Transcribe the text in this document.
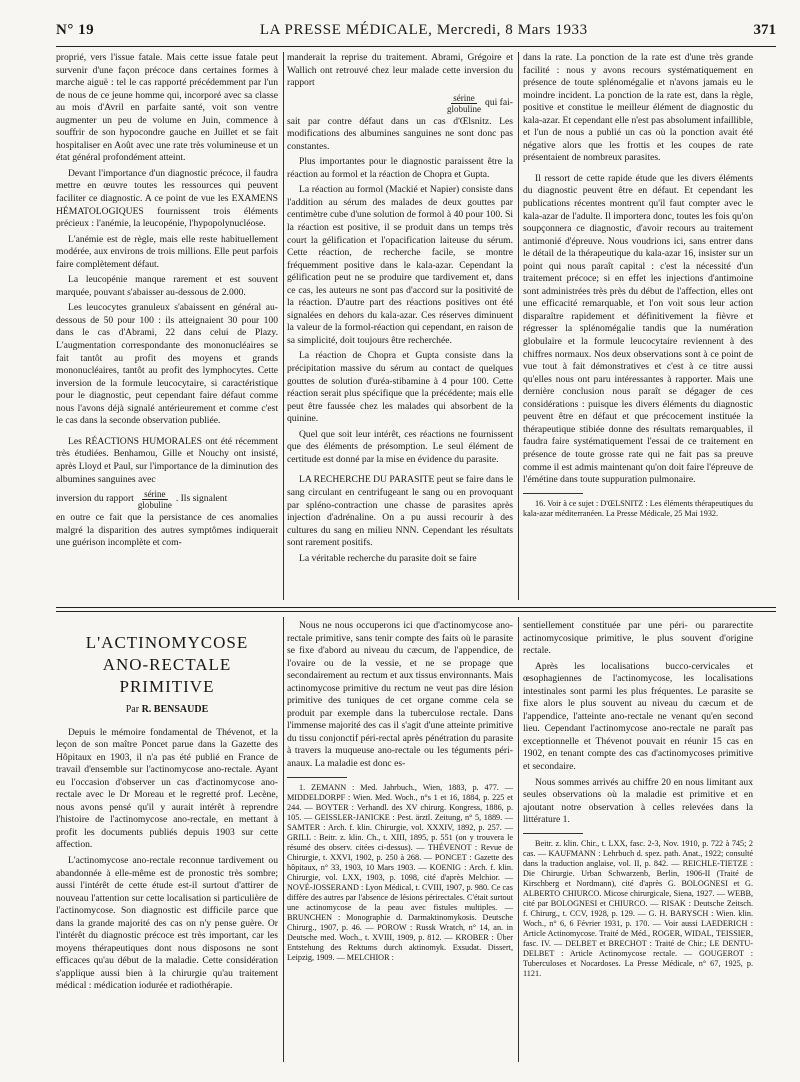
N° 19	LA PRESSE MÉDICALE, Mercredi, 8 Mars 1933	371

proprié, vers l'issue fatale. Mais cette issue fatale peut survenir d'une façon précoce dans certaines formes à marche aiguë : tel le cas rapporté précédemment par l'un de nous de ce jeune homme qui, incorporé avec sa classe au mois d'Avril en parfaite santé, voit son ventre augmenter un peu de volume en Juin, commence à souffrir de son hypocondre gauche en Juillet et se fait hospitaliser en Août avec une rate très volumineuse et un état général profondément atteint.

Devant l'importance d'un diagnostic précoce, il faudra mettre en œuvre toutes les ressources qui peuvent faciliter ce diagnostic. A ce point de vue les EXAMENS HÉMATOLOGIQUES fournissent trois éléments précieux : l'anémie, la leucopénie, l'hypopolynucléose.

L'anémie est de règle, mais elle reste habituellement modérée, aux environs de trois millions. Elle peut parfois faire complètement défaut.

La leucopénie manque rarement et est souvent marquée, pouvant s'abaisser au-dessous de 2.000.

Les leucocytes granuleux s'abaissent en général au-dessous de 50 pour 100 : ils atteignaient 30 pour 100 dans le cas d'Abrami, 22 dans celui de Plazy. L'augmentation correspondante des mononucléaires se fait tantôt au profit des moyens et grands mononucléaires, tantôt au profit des lymphocytes. Cette inversion de la formule leucocytaire, si caractéristique pour le diagnostic, peut cependant faire défaut comme nous l'avons déjà signalé antérieurement et comme c'est le cas dans la seconde observation publiée.

Les RÉACTIONS HUMORALES ont été récemment très étudiées. Benhamou, Gille et Nouchy ont insisté, après Lloyd et Paul, sur l'importance de la diminution des albumines sanguines avec

inversion du rapport $\frac{\text{sérine}}{\text{globuline}}$ . Ils signalent

en outre ce fait que la persistance de ces anomalies malgré la disparition des autres symptômes indiquerait une guérison incomplète et com-

manderait la reprise du traitement. Abrami, Grégoire et Wallich ont retrouvé chez leur malade cette inversion du rapport

$\frac{\text{sérine}}{\text{globuline}}$ qui fai-

sait par contre défaut dans un cas d'Œlsnitz. Les modifications des albumines sanguines ne sont donc pas constantes.

Plus importantes pour le diagnostic paraissent être la réaction au formol et la réaction de Chopra et Gupta.

La réaction au formol (Mackié et Napier) consiste dans l'addition au sérum des malades de deux gouttes par centimètre cube d'une solution de formol à 40 pour 100. Si la réaction est positive, il se produit dans un temps très court la gélification et l'opacification laiteuse du sérum. Cette réaction, de recherche facile, se montre fréquemment positive dans le kala-azar. Cependant la gélification peut ne se produire que tardivement et, dans ce cas, les auteurs ne sont pas d'accord sur la positivité de la réaction. D'autre part des réactions positives ont été signalées en dehors du kala-azar. Ces réserves diminuent la valeur de la formol-réaction qui cependant, en raison de sa simplicité, doit toujours être recherchée.

La réaction de Chopra et Gupta consiste dans la précipitation massive du sérum au contact de quelques gouttes de solution d'uréa-stibamine à 4 pour 100. Cette réaction serait plus spécifique que la précédente; mais elle peut être faussée chez les malades qui absorbent de la quinine.

Quel que soit leur intérêt, ces réactions ne fournissent que des éléments de présomption. Le seul élément de certitude est donné par la mise en évidence du parasite.

LA RECHERCHE DU PARASITE peut se faire dans le sang circulant en centrifugeant le sang ou en provoquant par spléno-contraction une chasse de parasites après injection d'adrénaline. On a pu aussi recourir à des cultures du sang en milieu NNN. Cependant les résultats sont rarement positifs.

La véritable recherche du parasite doit se faire

dans la rate. La ponction de la rate est d'une très grande facilité : nous y avons recours systématiquement en présence de toute splénomégalie et n'avons jamais eu le moindre incident. La ponction de la rate est, dans la règle, positive et constitue le meilleur élément de diagnostic du kala-azar. Et cependant elle n'est pas absolument infaillible, et l'un de nous a publié un cas où la ponction avait été négative alors que les frottis et les coupes de rate présentaient de nombreux parasites.

Il ressort de cette rapide étude que les divers éléments du diagnostic peuvent être en défaut. Et cependant les publications récentes montrent qu'il faut compter avec le kala-azar de l'adulte. Il importera donc, toutes les fois qu'on soupçonnera ce diagnostic, d'avoir recours au traitement antimonié d'épreuve. Nous voudrions ici, sans entrer dans le détail de la thérapeutique du kala-azar 16, insister sur un point qui nous paraît capital : c'est la nécessité d'un traitement précoce; si en effet les injections d'antimoine sont administrées très près du début de l'affection, elles ont une efficacité remarquable, et l'on voit sous leur action disparaître rapidement et définitivement la fièvre et régresser la splénomégalie tandis que la numération globulaire et la formule leucocytaire reviennent à des chiffres normaux. Nos deux observations sont à ce point de vue tout à fait démonstratives et c'est à ce titre aussi qu'elles nous ont paru intéressantes à rapporter. Mais une dernière conclusion nous paraît se dégager de ces considérations : puisque les divers éléments du diagnostic peuvent être en défaut et que précocement instituée la thérapeutique stibiée donne des résultats remarquables, il faudra faire systématiquement l'essai de ce traitement en présence de toute grosse rate qui ne fait pas sa preuve comme il est admis maintenant qu'on doit faire l'épreuve de l'émétine dans toute suppuration pulmonaire.

16. Voir à ce sujet : D'ŒLSNITZ : Les éléments thérapeutiques du kala-azar méditerranéen. La Presse Médicale, 25 Mai 1932.

L'ACTINOMYCOSE
ANO-RECTALE PRIMITIVE
Par R. BENSAUDE

Depuis le mémoire fondamental de Thévenot, et la leçon de son maître Poncet parue dans la Gazette des Hôpitaux en 1903, il n'a pas été publié en France de travail d'ensemble sur l'actinomycose ano-rectale. Ayant eu l'occasion d'observer un cas d'actinomycose ano-rectale avec le Dr Moreau et le regretté prof. Lecène, nous avons pensé qu'il y aurait intérêt à reprendre l'histoire de l'actinomycose ano-rectale, en mettant à profit les documents publiés depuis 1903 sur cette affection.

L'actinomycose ano-rectale reconnue tardivement ou abandonnée à elle-même est de pronostic très sombre; aussi l'intérêt de cette étude est-il surtout d'attirer de nouveau l'attention sur cette localisation si particulière de l'actinomycose. Son diagnostic est difficile parce que dans la grande majorité des cas on n'y pense guère. Or l'intérêt du diagnostic précoce est très important, car les moyens thérapeutiques dont nous disposons ne sont efficaces qu'au début de la maladie. Cette considération s'applique aussi bien à la chirurgie qu'au traitement médical : médication iodurée et radiothérapie.

Nous ne nous occuperons ici que d'actinomycose ano-rectale primitive, sans tenir compte des faits où le parasite se fixe d'abord au niveau du cæcum, de l'appendice, de l'ovaire ou de la vessie, et ne se propage que secondairement au rectum et aux tissus environnants. Mais actinomycose primitive du rectum ne veut pas dire lésion primitive des tuniques de cet organe comme cela se produit par exemple dans la tuberculose rectale. Dans l'immense majorité des cas il s'agit d'une atteinte primitive du tissu conjonctif péri-rectal après pénétration du parasite à travers la muqueuse ano-rectale ou les téguments péri-anaux. La maladie est donc es-

1. ZEMANN : Med. Jahrbuch., Wien, 1883, p. 477. — MIDDELDORPF : Wien. Med. Woch., n°s 1 et 16, 1884, p. 225 et 244. — BOYTER : Verhandl. des XV chirurg. Kongress, 1886, p. 105. — GEISSLER-JANICKE : Pest. ärztl. Zeitung, n° 5, 1889. — SAMTER : Arch. f. klin. Chirurgie, vol. XXXIV, 1892, p. 257. — GRILL : Beitr. z. klin. Ch., t. XIII, 1895, p. 551 (on y trouvera le résumé des observ. citées ci-dessus). — THÉVENOT : Revue de Chirurgie, t. XXVI, 1902, p. 250 à 268. — PONCET : Gazette des hôpitaux, n° 33, 1903, 10 Mars 1903. — KOENIG : Arch. f. klin. Chirurgie, vol. LXX, 1903, p. 1098, cité d'après Melchior. — NOVÉ-JOSSERAND : Lyon Médical, t. CVIII, 1907, p. 980. Ce cas diffère des autres par l'absence de lésions périrectales. C'était surtout une actinomycose de la peau avec fistules multiples. — BRUNCHEN : Monographie d. Darmaktinomykosis. Deutsche Chirurg., 1907, p. 46. — POROW : Russk Wratch, n° 14, an. in Deutsche med. Woch., t. XVIII, 1909, p. 812. — KROBER : Über Entstehung des Rektums durch aktinomyk. Exsudat. Dissert, Leipzig, 1909. — MELCHIOR :

sentiellement constituée par une péri- ou pararectite actinomycosique primitive, le plus souvent d'origine rectale.

Après les localisations bucco-cervicales et œsophagiennes de l'actinomycose, les localisations intestinales sont parmi les plus fréquentes. Le parasite se fixe alors le plus souvent au niveau du cæcum et de l'appendice, l'atteinte ano-rectale ne venant qu'en second lieu. Cependant l'actinomycose ano-rectale ne paraît pas exceptionnelle et Thévenot pouvait en réunir 15 cas en 1902, en tenant compte des cas d'actinomycoses primitive et secondaire.

Nous sommes arrivés au chiffre 20 en nous limitant aux seules observations où la maladie est primitive et en ajoutant notre observation à celles relevées dans la littérature 1.

Beitr. z. klin. Chir., t. LXX, fasc. 2-3, Nov. 1910, p. 722 à 745; 2 cas. — KAUFMANN : Lehrbuch d. spez. path. Anat., 1922; consulté dans la traduction anglaise, vol. II, p. 842. — REICHLE-TIETZE : Die Chirurgie. Urban Schwarzenb, Berlin, 1906-II (Traité de Kirschberg et Nordmann), cité d'après G. BOLOGNESI et G. ALBERTO CHIURCO. Micose chirurgicale, Siena, 1927. — WEBB, cité par BOLOGNESI et CHIURCO. — RISAK : Deutsche Zeitsch. f. Chirurg., t. CCV, 1928, p. 129. — G. H. BARYSCH : Wien. klin. Woch., n° 6, 6 Février 1931, p. 170. — Voir aussi LAEDERICH : Article Actinomycose. Traité de Méd., ROGER, WIDAL, TEISSIER, fasc. IV. — DELBET et BRECHOT : Traité de Chir.; LE DENTU-DELBET : Article Actinomycose rectale. — GOUGEROT : Tuberculoses et Nocardoses. La Presse Médicale, n° 67, 1925, p. 1121.
